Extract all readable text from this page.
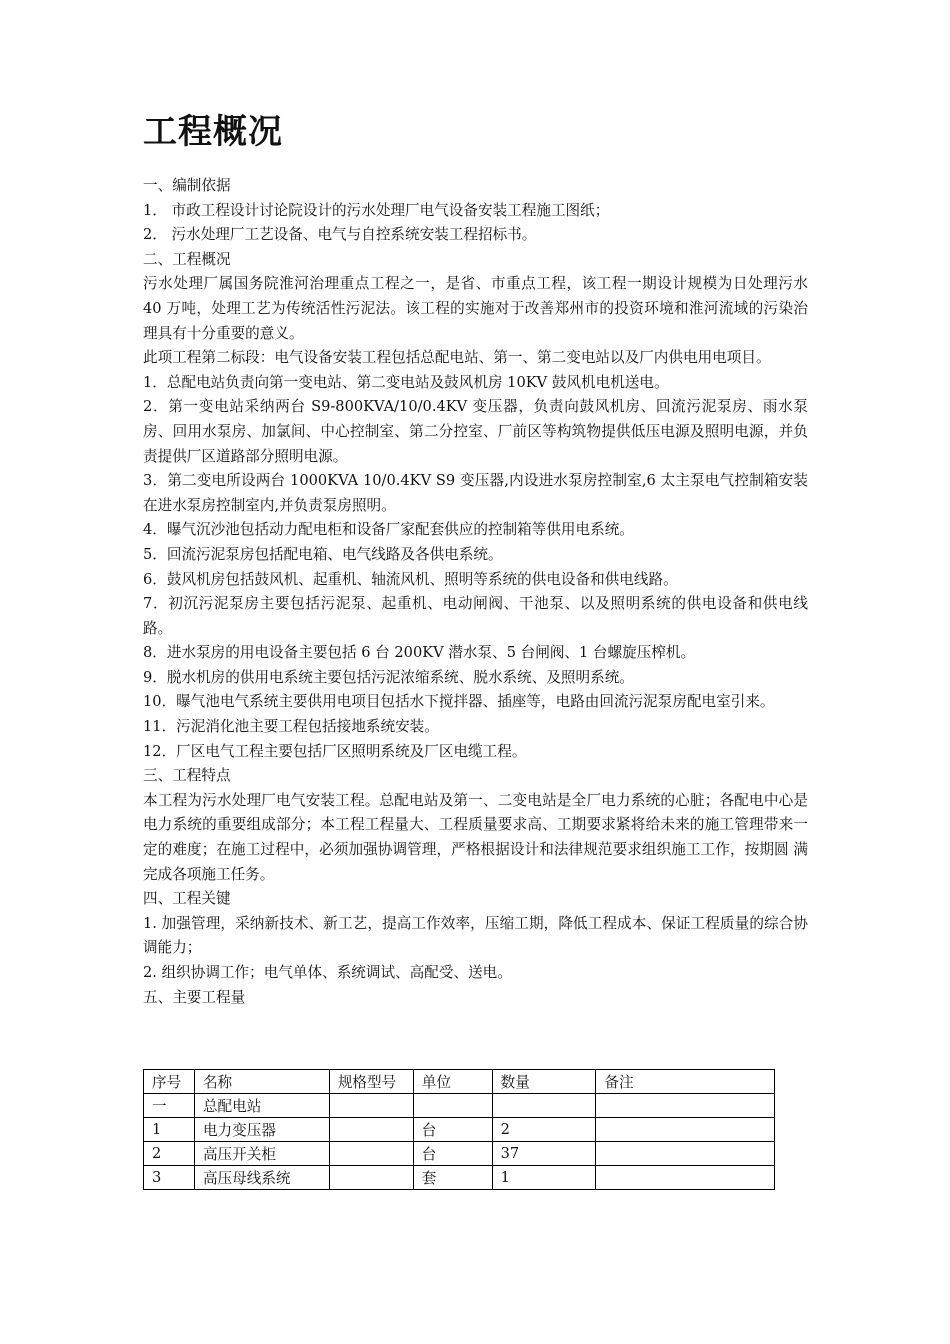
工程概况

一、编制依据

1． 市政工程设计讨论院设计的污水处理厂电气设备安装工程施工图纸；

2． 污水处理厂工艺设备、电气与自控系统安装工程招标书。

二、工程概况

污水处理厂属国务院淮河治理重点工程之一，是省、市重点工程，该工程一期设计规模为日处理污水 40 万吨，处理工艺为传统活性污泥法。该工程的实施对于改善郑州市的投资环境和淮河流域的污染治理具有十分重要的意义。

此项工程第二标段：电气设备安装工程包括总配电站、第一、第二变电站以及厂内供电用电项目。

1．总配电站负责向第一变电站、第二变电站及鼓风机房 10KV 鼓风机电机送电。

2．第一变电站采纳两台 S9-800KVA/10/0.4KV 变压器，负责向鼓风机房、回流污泥泵房、雨水泵房、回用水泵房、加氯间、中心控制室、第二分控室、厂前区等构筑物提供低压电源及照明电源，并负责提供厂区道路部分照明电源。

3．第二变电所设两台 1000KVA 10/0.4KV S9 变压器,内设进水泵房控制室,6 太主泵电气控制箱安装在进水泵房控制室内,并负责泵房照明。

4．曝气沉沙池包括动力配电柜和设备厂家配套供应的控制箱等供用电系统。

5．回流污泥泵房包括配电箱、电气线路及各供电系统。

6．鼓风机房包括鼓风机、起重机、轴流风机、照明等系统的供电设备和供电线路。

7．初沉污泥泵房主要包括污泥泵、起重机、电动闸阀、干池泵、以及照明系统的供电设备和供电线路。

8．进水泵房的用电设备主要包括 6 台 200KV 潜水泵、5 台闸阀、1 台螺旋压榨机。

9．脱水机房的供用电系统主要包括污泥浓缩系统、脱水系统、及照明系统。

10．曝气池电气系统主要供用电项目包括水下搅拌器、插座等，电路由回流污泥泵房配电室引来。

11．污泥消化池主要工程包括接地系统安装。

12．厂区电气工程主要包括厂区照明系统及厂区电缆工程。

三、工程特点

本工程为污水处理厂电气安装工程。总配电站及第一、二变电站是全厂电力系统的心脏；各配电中心是电力系统的重要组成部分；本工程工程量大、工程质量要求高、工期要求紧将给未来的施工管理带来一定的难度；在施工过程中，必须加强协调管理，严格根据设计和法律规范要求组织施工工作，按期圆 满完成各项施工任务。

四、工程关键

1. 加强管理，采纳新技术、新工艺，提高工作效率，压缩工期，降低工程成本、保证工程质量的综合协调能力；

2. 组织协调工作；电气单体、系统调试、高配受、送电。

五、主要工程量

序号	名称	规格型号	单位	数量	备注
一	总配电站				
1	电力变压器		台	2	
2	高压开关柜		台	37	
3	高压母线系统		套	1	
